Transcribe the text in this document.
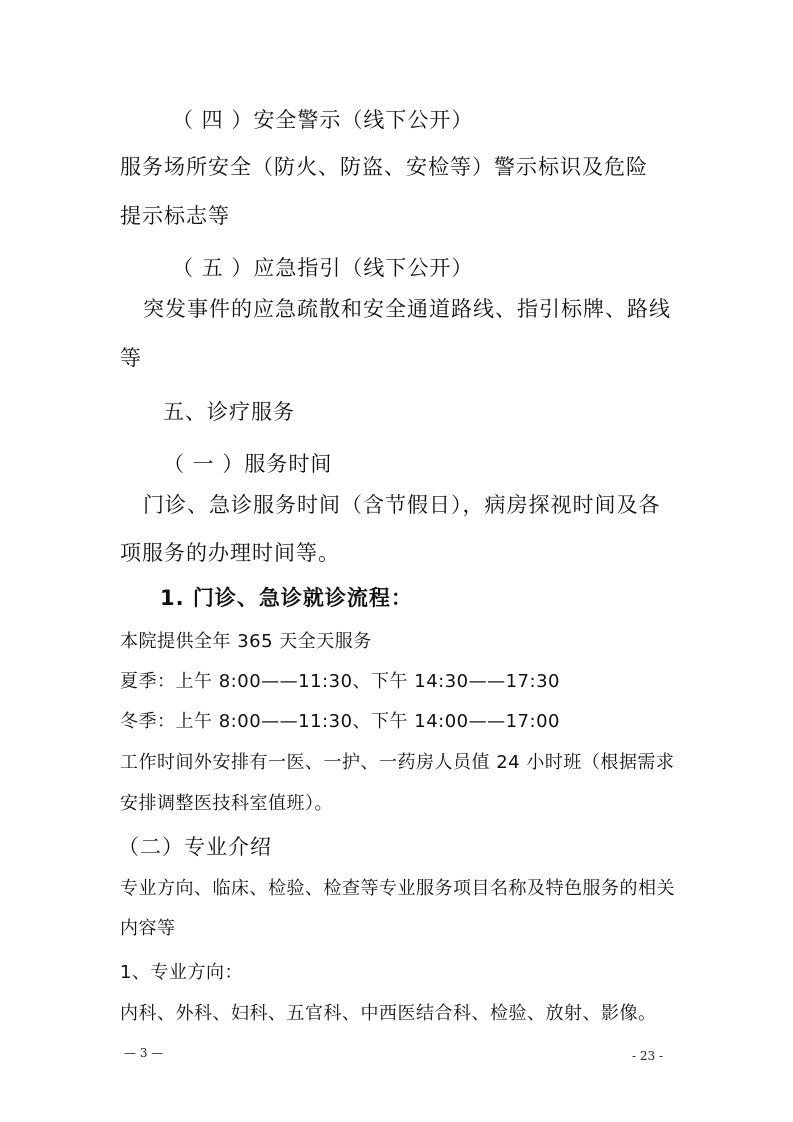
（ 四 ）安全警示（线下公开）
服务场所安全（防火、防盗、安检等）警示标识及危险
提示标志等
（ 五 ）应急指引（线下公开）
突发事件的应急疏散和安全通道路线、指引标牌、路线
等
五、诊疗服务
（ 一 ）服务时间
门诊、急诊服务时间（含节假日），病房探视时间及各
项服务的办理时间等。
1. 门诊、急诊就诊流程：
本院提供全年 365 天全天服务
夏季：上午 8:00——11:30、下午 14:30——17:30
冬季：上午 8:00——11:30、下午 14:00——17:00
工作时间外安排有一医、一护、一药房人员值 24 小时班（根据需求
安排调整医技科室值班）。
（二）专业介绍
专业方向、临床、检验、检查等专业服务项目名称及特色服务的相关
内容等
1、专业方向：
内科、外科、妇科、五官科、中西医结合科、检验、放射、影像。
— 3 —	- 23 -
